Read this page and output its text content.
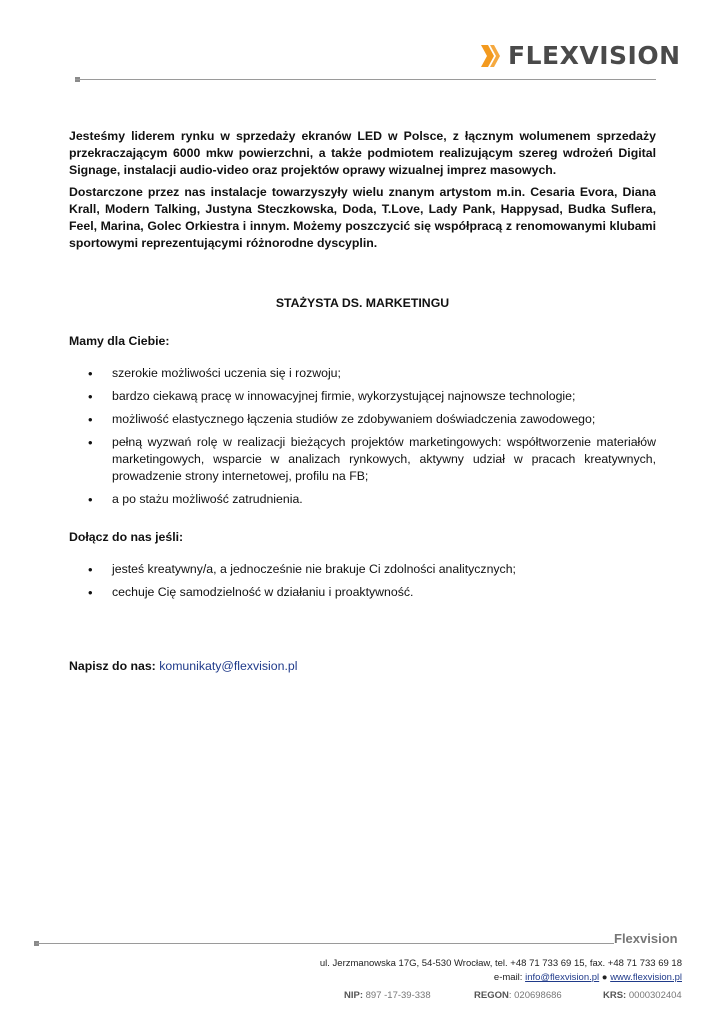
FLEXVISION

Jesteśmy liderem rynku w sprzedaży ekranów LED w Polsce, z łącznym wolumenem sprzedaży przekraczającym 6000 mkw powierzchni, a także podmiotem realizującym szereg wdrożeń Digital Signage, instalacji audio-video oraz projektów oprawy wizualnej imprez masowych.

Dostarczone przez nas instalacje towarzyszyły wielu znanym artystom m.in. Cesaria Evora, Diana Krall, Modern Talking, Justyna Steczkowska, Doda, T.Love, Lady Pank, Happysad, Budka Suflera, Feel, Marina, Golec Orkiestra i innym. Możemy poszczycić się współpracą z renomowanymi klubami sportowymi reprezentującymi różnorodne dyscyplin.

STAŻYSTA DS. MARKETINGU
Mamy dla Ciebie:
• szerokie możliwości uczenia się i rozwoju;
• bardzo ciekawą pracę w innowacyjnej firmie, wykorzystującej najnowsze technologie;
• możliwość elastycznego łączenia studiów ze zdobywaniem doświadczenia zawodowego;
• pełną wyzwań rolę w realizacji bieżących projektów marketingowych: współtworzenie materiałów marketingowych, wsparcie w analizach rynkowych, aktywny udział w pracach kreatywnych, prowadzenie strony internetowej, profilu na FB;
• a po stażu możliwość zatrudnienia.
Dołącz do nas jeśli:
• jesteś kreatywny/a, a jednocześnie nie brakuje Ci zdolności analitycznych;
• cechuje Cię samodzielność w działaniu i proaktywność.
Napisz do nas: komunikaty@flexvision.pl
Flexvision
ul. Jerzmanowska 17G, 54-530 Wrocław, tel. +48 71 733 69 15, fax. +48 71 733 69 18
e-mail: info@flexvision.pl ● www.flexvision.pl
NIP: 897 -17-39-338	REGON: 020698686	KRS: 0000302404
